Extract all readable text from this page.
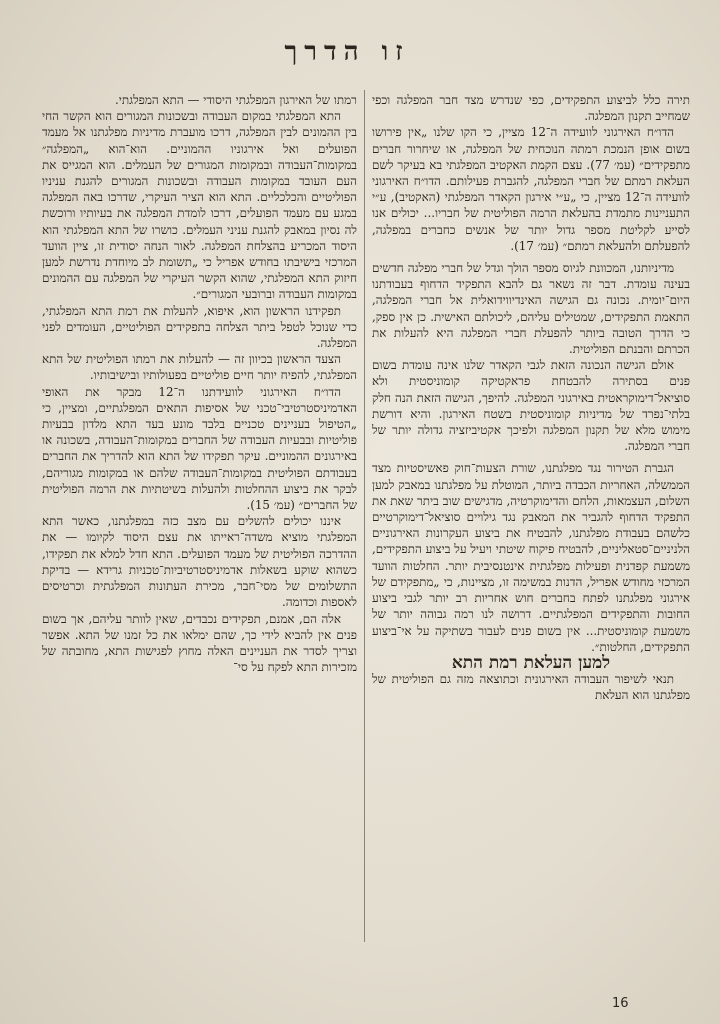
זו הדרך

תירה כלל לביצוע התפקידים, כפי שנדרש מצד חבר המפלגה וכפי שמחייב תקנון המפלגה.

הדו״ח האירגוני לוועידה ה־12 מציין, כי הקו שלנו „אין פירושו בשום אופן הנמכת רמתה הנוכחית של המפלגה, או שיחרור חברים מתפקידים״ (עמ׳ 77). עצם הקמת האקטיב המפלגתי בא בעיקר לשם העלאת רמתם של חברי המפלגה, להגברת פעילותם. הדו״ח האירגוני לוועידה ה־12 מציין, כי „ע״י אירגון הקאדר המפלגתי (האקטיב), ע״י התעניינות מתמדת בהעלאת הרמה הפוליטית של חבריו... יכולים אנו לסייע לקליטת מספר גדול יותר של אנשים כחברים במפלגה, להפעלתם ולהעלאת רמתם״ (עמ׳ 17).

מדיניותנו, המכוונת לגיוס מספר הולך וגדל של חברי מפלגה חדשים בעינה עומדת. דבר זה נשאר גם להבא התפקיד הדחוף בעבודתנו היום־יומית. נכונה גם הגישה האינדיווידואלית אל חברי המפלגה, התאמת התפקידים, שמטילים עליהם, ליכולתם האישית. כן אין ספק, כי הדרך הטובה ביותר להפעלת חברי המפלגה היא להעלות את הכרתם והבנתם הפוליטית.

אולם הגישה הנכונה הזאת לגבי הקאדר שלנו אינה עומדת בשום פנים בסתירה להבטחת פראקטיקה קומוניסטית ולא סוציאל־דימוקראטית באירגוני המפלגה. להיפך, הגישה הזאת הנה חלק בלתי־נפרד של מדיניות קומוניסטית בשטח האירגון. והיא דורשת מימוש מלא של תקנון המפלגה ולפיכך אקטיביזציה גדולה יותר של חברי המפלגה.

הגברת הטירור נגד מפלגתנו, שורת הצעות־חוק פאשיסטיות מצד הממשלה, האחריות הכבדה ביותר, המוטלת על מפלגתנו במאבק למען השלום, העצמאות, הלחם והדימוקרטיה, מדגישים שוב ביתר שאת את התפקיד הדחוף להגביר את המאבק נגד גילויים סוציאל־דימוקרטיים כלשהם בעבודת מפלגתנו, להבטיח את ביצוע העקרונות האירגוניים הלניניים־סטאליניים, להבטיח פיקוח שיטתי ויעיל על ביצוע התפקידים, משמעת קפדנית ופעילות מפלגתית אינטנסיבית יותר. החלטות הוועד המרכזי מחודש אפריל, הדנות במשימה זו, מציינות, כי „מתפקידם של אירגוני מפלגתנו לפתח בחברים חוש אחריות רב יותר לגבי ביצוע החובות והתפקידים המפלגתיים. דרושה לנו רמה גבוהה יותר של משמעת קומוניסטית... אין בשום פנים לעבור בשתיקה על אי־ביצוע התפקידים, החלטות״.

למען העלאת רמת התא

תנאי לשיפור העבודה האירגונית וכתוצאה מזה גם הפוליטית של מפלגתנו הוא העלאת

רמתו של האירגון המפלגתי היסודי — התא המפלגתי.

התא המפלגתי במקום העבודה ובשכונות המגורים הוא הקשר החי בין ההמונים לבין המפלגה, דרכו מועברת מדיניות מפלגתנו אל מעמד הפועלים ואל אירגוניו ההמוניים. הוא־הוא „המפלגה״ במקומות־העבודה ובמקומות המגורים של העמלים. הוא המגייס את העם העובד במקומות העבודה ובשכונות המגורים להגנת עניניו הפוליטיים והכלכליים. התא הוא הציר העיקרי, שדרכו באה המפלגה במגע עם מעמד הפועלים, דרכו לומדת המפלגה את בעיותיו ורוכשת לה נסיון במאבק להגנת עניני העמלים. כושרו של התא המפלגתי הוא היסוד המכריע בהצלחת המפלגה. לאור הנחה יסודית זו, ציין הוועד המרכזי בישיבתו בחודש אפריל כי „תשומת לב מיוחדת נדרשת למען חיזוק התא המפלגתי, שהוא הקשר העיקרי של המפלגה עם ההמונים במקומות העבודה וברובעי המגורים״.

תפקידנו הראשון הוא, איפוא, להעלות את רמת התא המפלגתי, כדי שנוכל לטפל ביתר הצלחה בתפקידים הפוליטיים, העומדים לפני המפלגה.

הצעד הראשון בכיוון זה — להעלות את רמתו הפוליטית של התא המפלגתי, להפיח יותר חיים פוליטיים בפעולותיו ובישיבותיו.

הדו״ח האירגוני לוועידתנו ה־12 מבקר את האופי האדמיניסטרטיבי־טכני של אסיפות התאים המפלגתיים, ומציין, כי „הטיפול בעניינים טכניים בלבד מונע בעד התא מלדון בבעיות פוליטיות ובבעיות העבודה של החברים במקומות־העבודה, בשכונה או באירגונים ההמוניים. עיקר תפקידו של התא הוא להדריך את החברים בעבודתם הפוליטית במקומות־העבודה שלהם או במקומות מגוריהם, לבקר את ביצוע ההחלטות ולהעלות בשיטתיות את הרמה הפוליטית של החברים״ (עמ׳ 15).

איננו יכולים להשלים עם מצב כזה במפלגתנו, כאשר התא המפלגתי מוציא משדה־ראייתו את עצם היסוד לקיומו — את ההדרכה הפוליטית של מעמד הפועלים. התא חדל למלא את תפקידו, כשהוא שוקע בשאלות אדמיניסטרטיביות־טכניות גרידא — בדיקת התשלומים של מסי־חבר, מכירת העתונות המפלגתית וכרטיסים לאספות וכדומה.

אלה הם, אמנם, תפקידים נכבדים, שאין לוותר עליהם, אך בשום פנים אין להביא לידי כך, שהם ימלאו את כל זמנו של התא. אפשר וצריך לסדר את העניינים האלה מחוץ לפגישות התא, מחובתה של מזכירות התא לפקח על סי־

16
